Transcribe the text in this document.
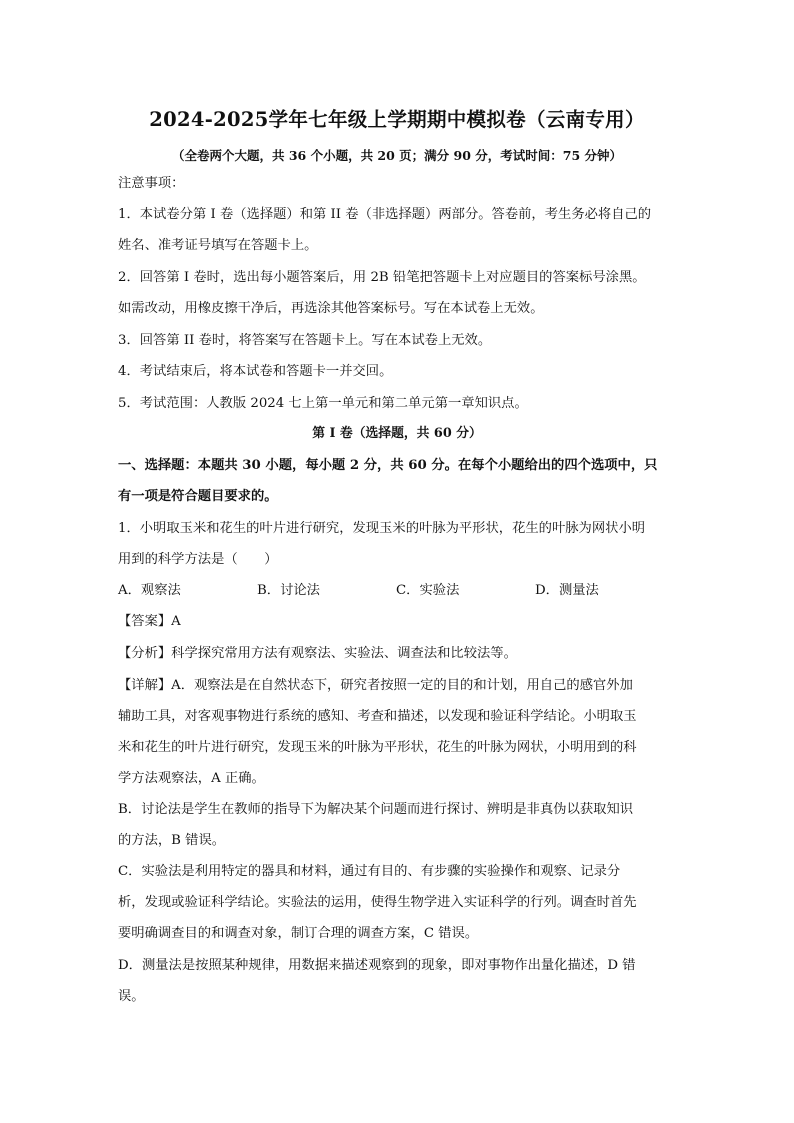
2024-2025学年七年级上学期期中模拟卷（云南专用）
（全卷两个大题，共 36 个小题，共 20 页；满分 90 分，考试时间：75 分钟）
注意事项：
1．本试卷分第 I 卷（选择题）和第 II 卷（非选择题）两部分。答卷前，考生务必将自己的
姓名、准考证号填写在答题卡上。
2．回答第 I 卷时，选出每小题答案后，用 2B 铅笔把答题卡上对应题目的答案标号涂黑。
如需改动，用橡皮擦干净后，再选涂其他答案标号。写在本试卷上无效。
3．回答第 II 卷时，将答案写在答题卡上。写在本试卷上无效。
4．考试结束后，将本试卷和答题卡一并交回。
5．考试范围：人教版 2024 七上第一单元和第二单元第一章知识点。
第 I 卷（选择题，共 60 分）
一、选择题：本题共 30 小题，每小题 2 分，共 60 分。在每个小题给出的四个选项中，只
有一项是符合题目要求的。
1．小明取玉米和花生的叶片进行研究，发现玉米的叶脉为平形状，花生的叶脉为网状小明
用到的科学方法是（　　）
A．观察法	B．讨论法	C．实验法	D．测量法
【答案】A
【分析】科学探究常用方法有观察法、实验法、调查法和比较法等。
【详解】A．观察法是在自然状态下，研究者按照一定的目的和计划，用自己的感官外加
辅助工具，对客观事物进行系统的感知、考查和描述，以发现和验证科学结论。小明取玉
米和花生的叶片进行研究，发现玉米的叶脉为平形状，花生的叶脉为网状，小明用到的科
学方法观察法，A 正确。
B．讨论法是学生在教师的指导下为解决某个问题而进行探讨、辨明是非真伪以获取知识
的方法，B 错误。
C．实验法是利用特定的器具和材料，通过有目的、有步骤的实验操作和观察、记录分
析，发现或验证科学结论。实验法的运用，使得生物学进入实证科学的行列。调查时首先
要明确调查目的和调查对象，制订合理的调查方案，C 错误。
D．测量法是按照某种规律，用数据来描述观察到的现象，即对事物作出量化描述，D 错
误。
